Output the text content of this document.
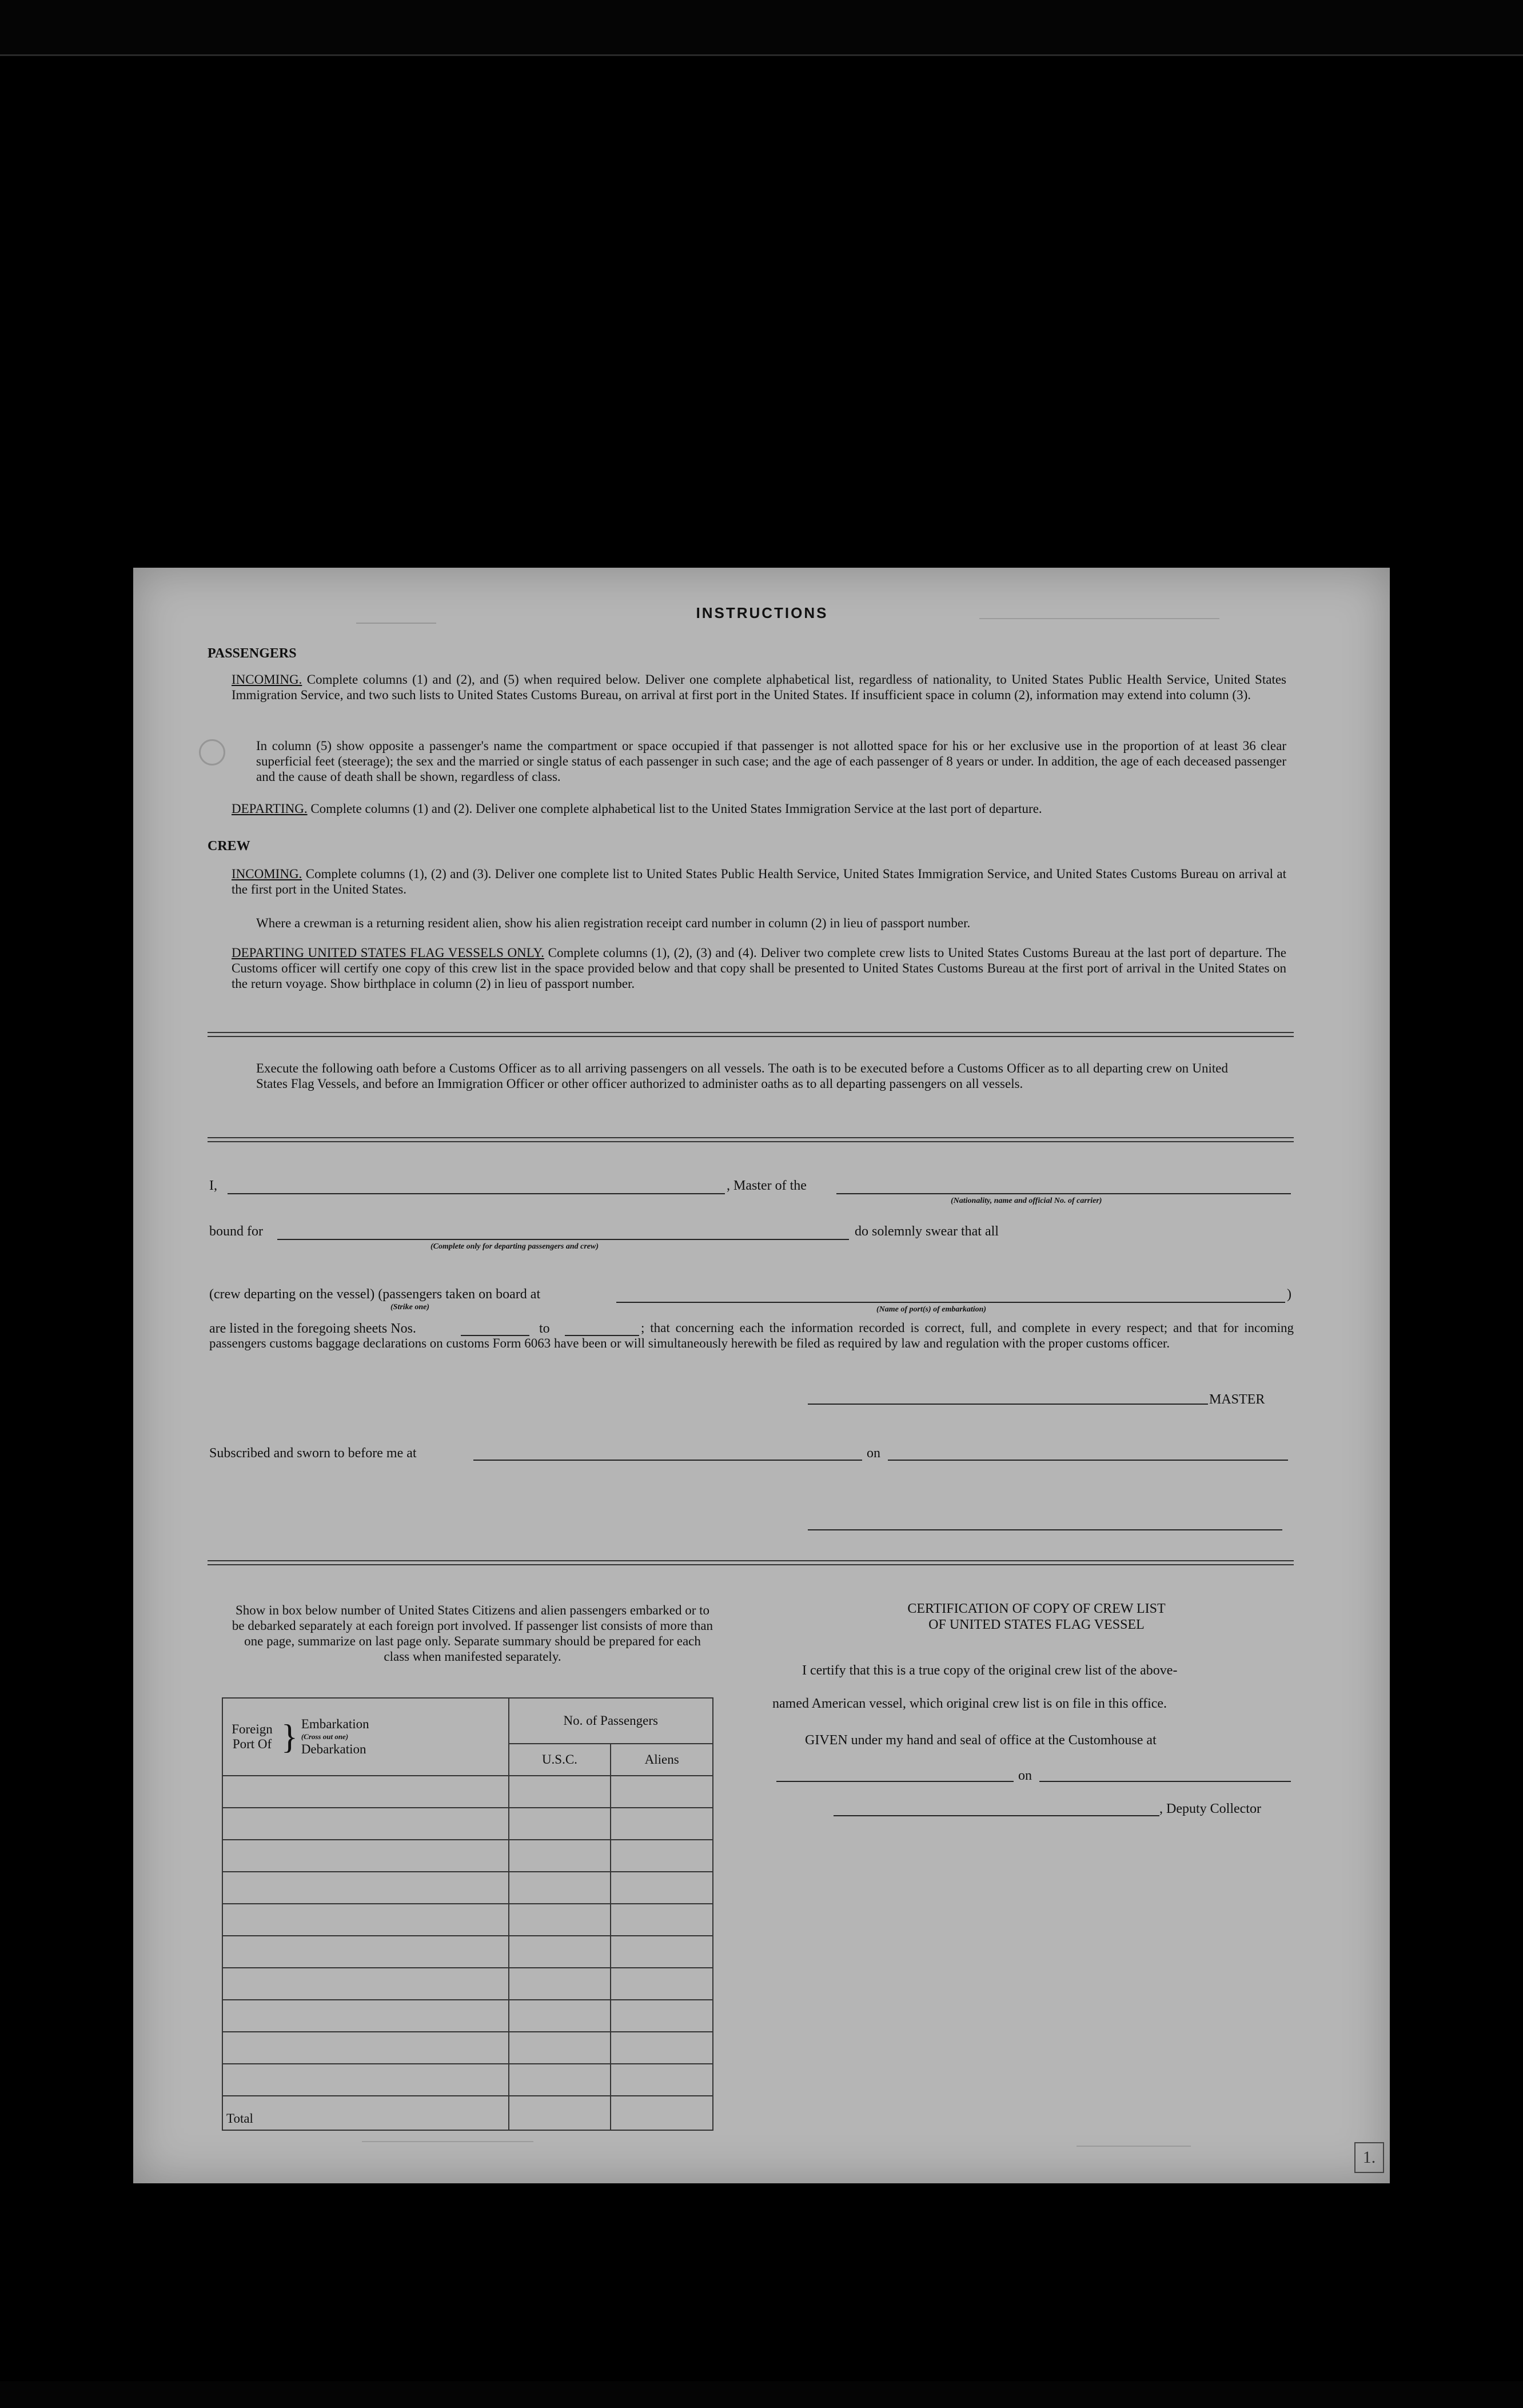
INSTRUCTIONS
PASSENGERS
INCOMING. Complete columns (1) and (2), and (5) when required below. Deliver one complete alphabetical list, regardless of nationality, to United States Public Health Service, United States Immigration Service, and two such lists to United States Customs Bureau, on arrival at first port in the United States. If insufficient space in column (2), information may extend into column (3).
In column (5) show opposite a passenger's name the compartment or space occupied if that passenger is not allotted space for his or her exclusive use in the proportion of at least 36 clear superficial feet (steerage); the sex and the married or single status of each passenger in such case; and the age of each passenger of 8 years or under. In addition, the age of each deceased passenger and the cause of death shall be shown, regardless of class.
DEPARTING. Complete columns (1) and (2). Deliver one complete alphabetical list to the United States Immigration Service at the last port of departure.
CREW
INCOMING. Complete columns (1), (2) and (3). Deliver one complete list to United States Public Health Service, United States Immigration Service, and United States Customs Bureau on arrival at the first port in the United States.
Where a crewman is a returning resident alien, show his alien registration receipt card number in column (2) in lieu of passport number.
DEPARTING UNITED STATES FLAG VESSELS ONLY. Complete columns (1), (2), (3) and (4). Deliver two complete crew lists to United States Customs Bureau at the last port of departure. The Customs officer will certify one copy of this crew list in the space provided below and that copy shall be presented to United States Customs Bureau at the first port of arrival in the United States on the return voyage. Show birthplace in column (2) in lieu of passport number.
Execute the following oath before a Customs Officer as to all arriving passengers on all vessels. The oath is to be executed before a Customs Officer as to all departing crew on United States Flag Vessels, and before an Immigration Officer or other officer authorized to administer oaths as to all departing passengers on all vessels.
I,	, Master of the
(Nationality, name and official No. of carrier)
bound for
(Complete only for departing passengers and crew)
do solemnly swear that all
(crew departing on the vessel) (passengers taken on board at
(Strike one)
)
(Name of port(s) of embarkation)
are listed in the foregoing sheets Nos.	to	; that concerning each the information recorded is correct, full, and complete in every respect; and that for incoming passengers customs baggage declarations on customs Form 6063 have been or will simultaneously herewith be filed as required by law and regulation with the proper customs officer.
MASTER
Subscribed and sworn to before me at	on
Show in box below number of United States Citizens and alien passengers embarked or to be debarked separately at each foreign port involved. If passenger list consists of more than one page, summarize on last page only. Separate summary should be prepared for each class when manifested separately.
Foreign Port Of } Embarkation
(Cross out one)
Debarkation	No. of Passengers	
	U.S.C.	Aliens

Total		
CERTIFICATION OF COPY OF CREW LIST
OF UNITED STATES FLAG VESSEL
I certify that this is a true copy of the original crew list of the above-
named American vessel, which original crew list is on file in this office.
GIVEN under my hand and seal of office at the Customhouse at
on
, Deputy Collector
1.
